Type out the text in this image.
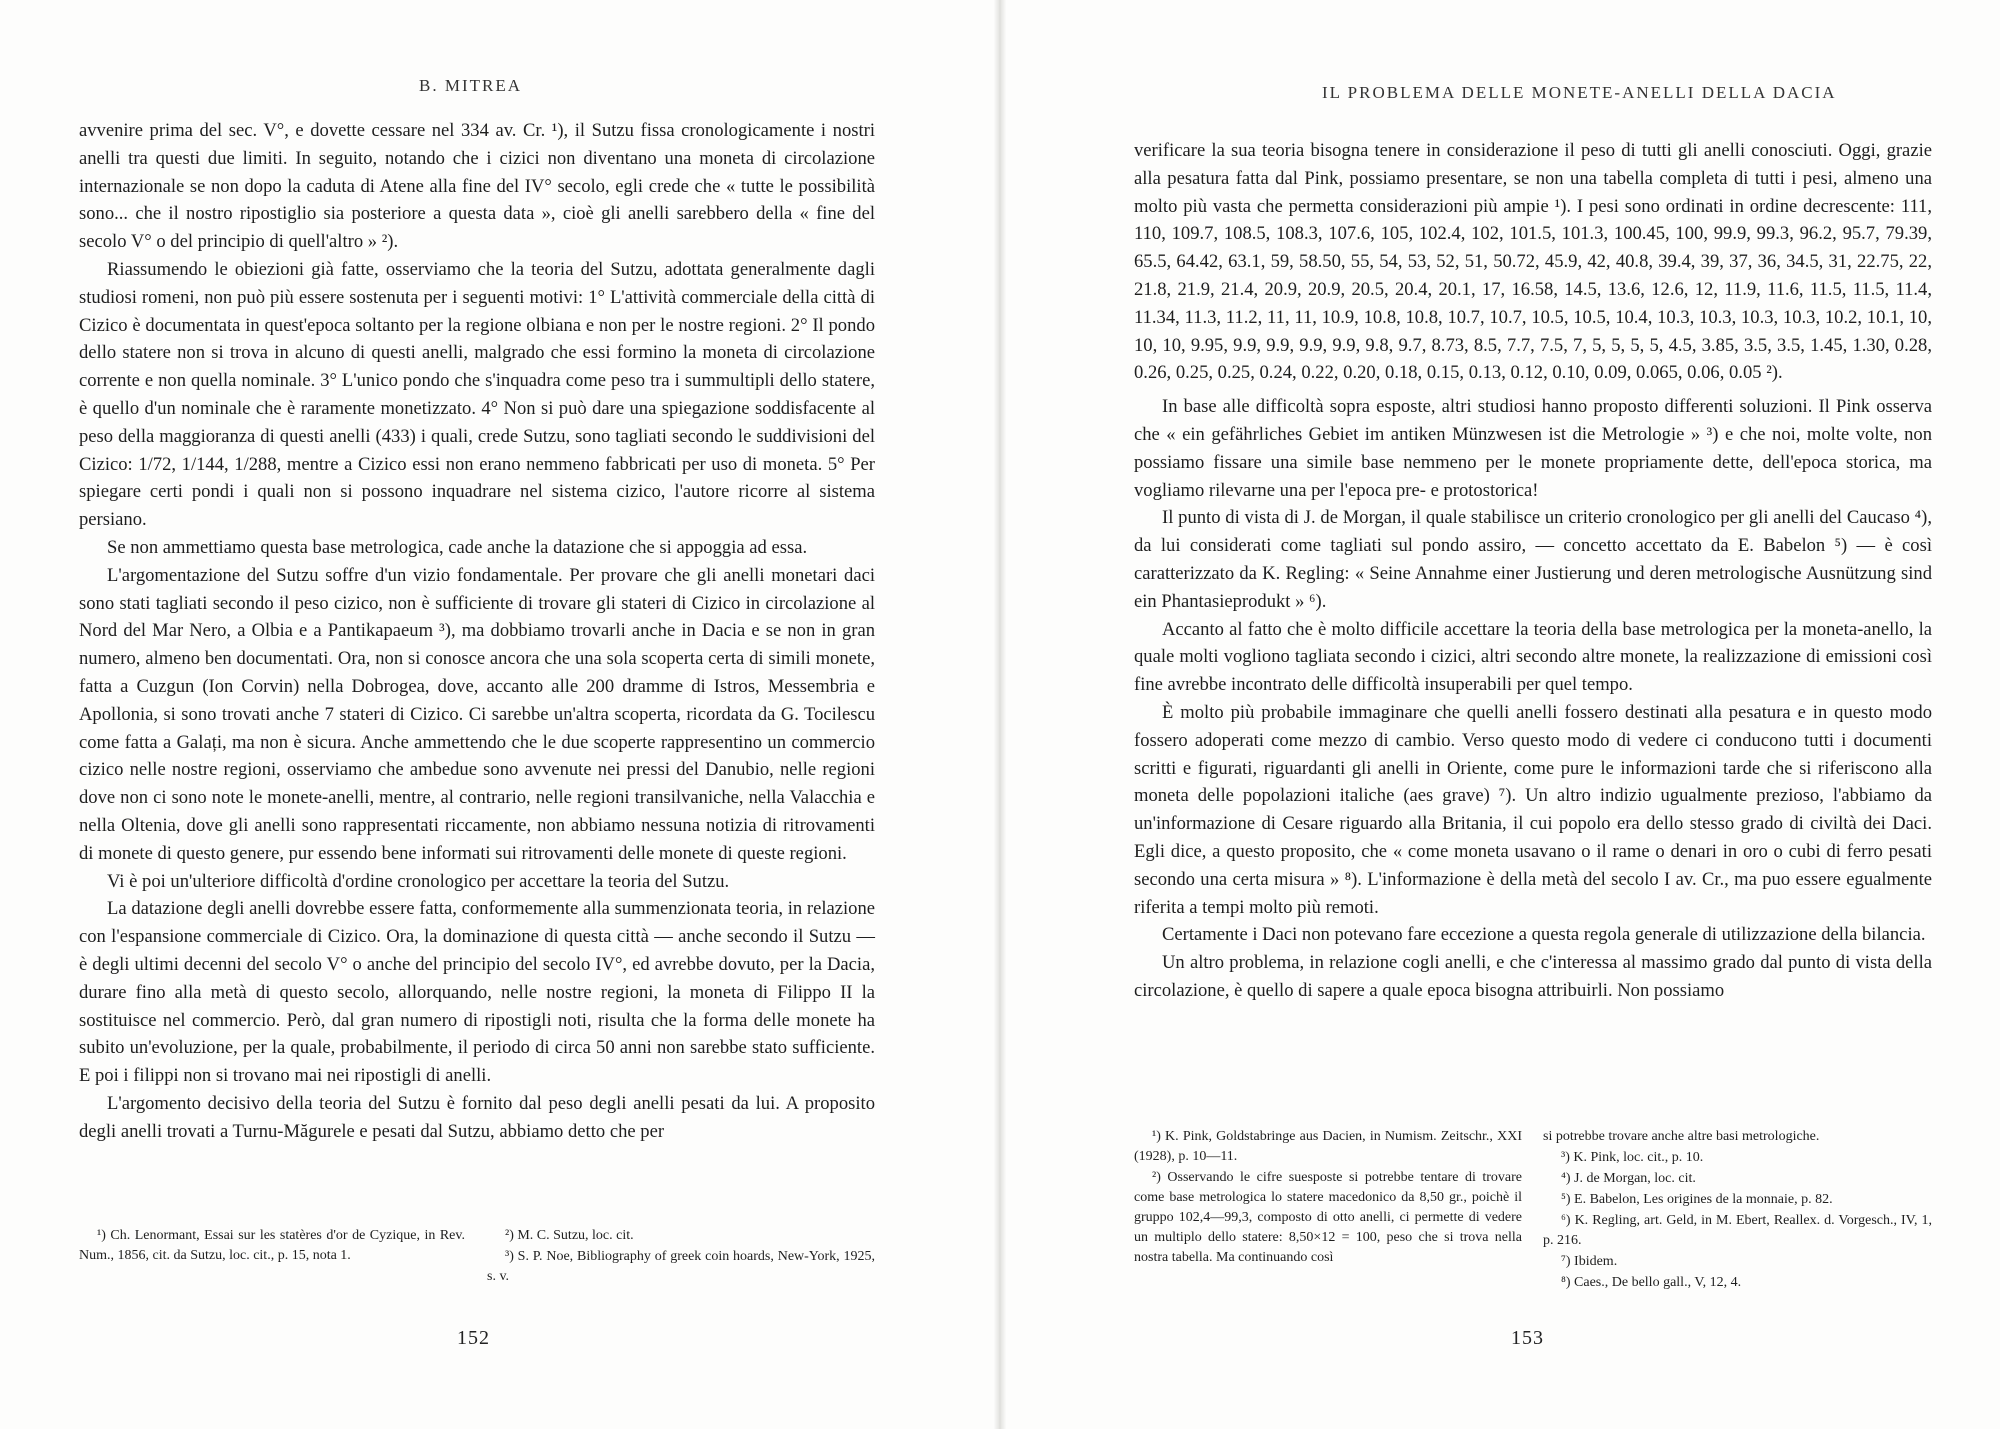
B. MITREA

avvenire prima del sec. V°, e dovette cessare nel 334 av. Cr. ¹), il Sutzu fissa cronologicamente i nostri anelli tra questi due limiti. In seguito, notando che i cizici non diventano una moneta di circolazione internazionale se non dopo la caduta di Atene alla fine del IV° secolo, egli crede che « tutte le possibilità sono... che il nostro ripostiglio sia posteriore a questa data », cioè gli anelli sarebbero della « fine del secolo V° o del principio di quell'altro » ²).

Riassumendo le obiezioni già fatte, osserviamo che la teoria del Sutzu, adottata generalmente dagli studiosi romeni, non può più essere sostenuta per i seguenti motivi: 1° L'attività commerciale della città di Cizico è documentata in quest'epoca soltanto per la regione olbiana e non per le nostre regioni. 2° Il pondo dello statere non si trova in alcuno di questi anelli, malgrado che essi formino la moneta di circolazione corrente e non quella nominale. 3° L'unico pondo che s'inquadra come peso tra i summultipli dello statere, è quello d'un nominale che è raramente monetizzato. 4° Non si può dare una spiegazione soddisfacente al peso della maggioranza di questi anelli (433) i quali, crede Sutzu, sono tagliati secondo le suddivisioni del Cizico: 1/72, 1/144, 1/288, mentre a Cizico essi non erano nemmeno fabbricati per uso di moneta. 5° Per spiegare certi pondi i quali non si possono inquadrare nel sistema cizico, l'autore ricorre al sistema persiano.

Se non ammettiamo questa base metrologica, cade anche la datazione che si appoggia ad essa.

L'argomentazione del Sutzu soffre d'un vizio fondamentale. Per provare che gli anelli monetari daci sono stati tagliati secondo il peso cizico, non è sufficiente di trovare gli stateri di Cizico in circolazione al Nord del Mar Nero, a Olbia e a Pantikapaeum ³), ma dobbiamo trovarli anche in Dacia e se non in gran numero, almeno ben documentati. Ora, non si conosce ancora che una sola scoperta certa di simili monete, fatta a Cuzgun (Ion Corvin) nella Dobrogea, dove, accanto alle 200 dramme di Istros, Messembria e Apollonia, si sono trovati anche 7 stateri di Cizico. Ci sarebbe un'altra scoperta, ricordata da G. Tocilescu come fatta a Galați, ma non è sicura. Anche ammettendo che le due scoperte rappresentino un commercio cizico nelle nostre regioni, osserviamo che ambedue sono avvenute nei pressi del Danubio, nelle regioni dove non ci sono note le monete-anelli, mentre, al contrario, nelle regioni transilvaniche, nella Valacchia e nella Oltenia, dove gli anelli sono rappresentati riccamente, non abbiamo nessuna notizia di ritrovamenti di monete di questo genere, pur essendo bene informati sui ritrovamenti delle monete di queste regioni.

Vi è poi un'ulteriore difficoltà d'ordine cronologico per accettare la teoria del Sutzu.

La datazione degli anelli dovrebbe essere fatta, conformemente alla summenzionata teoria, in relazione con l'espansione commerciale di Cizico. Ora, la dominazione di questa città — anche secondo il Sutzu — è degli ultimi decenni del secolo V° o anche del principio del secolo IV°, ed avrebbe dovuto, per la Dacia, durare fino alla metà di questo secolo, allorquando, nelle nostre regioni, la moneta di Filippo II la sostituisce nel commercio. Però, dal gran numero di ripostigli noti, risulta che la forma delle monete ha subito un'evoluzione, per la quale, probabilmente, il periodo di circa 50 anni non sarebbe stato sufficiente. E poi i filippi non si trovano mai nei ripostigli di anelli.

L'argomento decisivo della teoria del Sutzu è fornito dal peso degli anelli pesati da lui. A proposito degli anelli trovati a Turnu-Măgurele e pesati dal Sutzu, abbiamo detto che per

¹) Ch. Lenormant, Essai sur les statères d'or de Cyzique, in Rev. Num., 1856, cit. da Sutzu, loc. cit., p. 15, nota 1.

²) M. C. Sutzu, loc. cit.

³) S. P. Noe, Bibliography of greek coin hoards, New-York, 1925, s. v.

152
IL PROBLEMA DELLE MONETE-ANELLI DELLA DACIA

verificare la sua teoria bisogna tenere in considerazione il peso di tutti gli anelli conosciuti. Oggi, grazie alla pesatura fatta dal Pink, possiamo presentare, se non una tabella completa di tutti i pesi, almeno una molto più vasta che permetta considerazioni più ampie ¹). I pesi sono ordinati in ordine decrescente: 111, 110, 109.7, 108.5, 108.3, 107.6, 105, 102.4, 102, 101.5, 101.3, 100.45, 100, 99.9, 99.3, 96.2, 95.7, 79.39, 65.5, 64.42, 63.1, 59, 58.50, 55, 54, 53, 52, 51, 50.72, 45.9, 42, 40.8, 39.4, 39, 37, 36, 34.5, 31, 22.75, 22, 21.8, 21.9, 21.4, 20.9, 20.9, 20.5, 20.4, 20.1, 17, 16.58, 14.5, 13.6, 12.6, 12, 11.9, 11.6, 11.5, 11.5, 11.4, 11.34, 11.3, 11.2, 11, 11, 10.9, 10.8, 10.8, 10.7, 10.7, 10.5, 10.5, 10.4, 10.3, 10.3, 10.3, 10.3, 10.2, 10.1, 10, 10, 10, 9.95, 9.9, 9.9, 9.9, 9.9, 9.8, 9.7, 8.73, 8.5, 7.7, 7.5, 7, 5, 5, 5, 5, 4.5, 3.85, 3.5, 3.5, 1.45, 1.30, 0.28, 0.26, 0.25, 0.25, 0.24, 0.22, 0.20, 0.18, 0.15, 0.13, 0.12, 0.10, 0.09, 0.065, 0.06, 0.05 ²).

In base alle difficoltà sopra esposte, altri studiosi hanno proposto differenti soluzioni. Il Pink osserva che « ein gefährliches Gebiet im antiken Münzwesen ist die Metrologie » ³) e che noi, molte volte, non possiamo fissare una simile base nemmeno per le monete propriamente dette, dell'epoca storica, ma vogliamo rilevarne una per l'epoca pre- e protostorica!

Il punto di vista di J. de Morgan, il quale stabilisce un criterio cronologico per gli anelli del Caucaso ⁴), da lui considerati come tagliati sul pondo assiro, — concetto accettato da E. Babelon ⁵) — è così caratterizzato da K. Regling: « Seine Annahme einer Justierung und deren metrologische Ausnützung sind ein Phantasieprodukt » ⁶).

Accanto al fatto che è molto difficile accettare la teoria della base metrologica per la moneta-anello, la quale molti vogliono tagliata secondo i cizici, altri secondo altre monete, la realizzazione di emissioni così fine avrebbe incontrato delle difficoltà insuperabili per quel tempo.

È molto più probabile immaginare che quelli anelli fossero destinati alla pesatura e in questo modo fossero adoperati come mezzo di cambio. Verso questo modo di vedere ci conducono tutti i documenti scritti e figurati, riguardanti gli anelli in Oriente, come pure le informazioni tarde che si riferiscono alla moneta delle popolazioni italiche (aes grave) ⁷). Un altro indizio ugualmente prezioso, l'abbiamo da un'informazione di Cesare riguardo alla Britania, il cui popolo era dello stesso grado di civiltà dei Daci. Egli dice, a questo proposito, che « come moneta usavano o il rame o denari in oro o cubi di ferro pesati secondo una certa misura » ⁸). L'informazione è della metà del secolo I av. Cr., ma puo essere egualmente riferita a tempi molto più remoti.

Certamente i Daci non potevano fare eccezione a questa regola generale di utilizzazione della bilancia.

Un altro problema, in relazione cogli anelli, e che c'interessa al massimo grado dal punto di vista della circolazione, è quello di sapere a quale epoca bisogna attribuirli. Non possiamo

¹) K. Pink, Goldstabringe aus Dacien, in Numism. Zeitschr., XXI (1928), p. 10—11.

²) Osservando le cifre suesposte si potrebbe tentare di trovare come base metrologica lo statere macedonico da 8,50 gr., poichè il gruppo 102,4—99,3, composto di otto anelli, ci permette di vedere un multiplo dello statere: 8,50×12 = 100, peso che si trova nella nostra tabella. Ma continuando così

si potrebbe trovare anche altre basi metrologiche.

³) K. Pink, loc. cit., p. 10.

⁴) J. de Morgan, loc. cit.

⁵) E. Babelon, Les origines de la monnaie, p. 82.

⁶) K. Regling, art. Geld, in M. Ebert, Reallex. d. Vorgesch., IV, 1, p. 216.

⁷) Ibidem.

⁸) Caes., De bello gall., V, 12, 4.

153
